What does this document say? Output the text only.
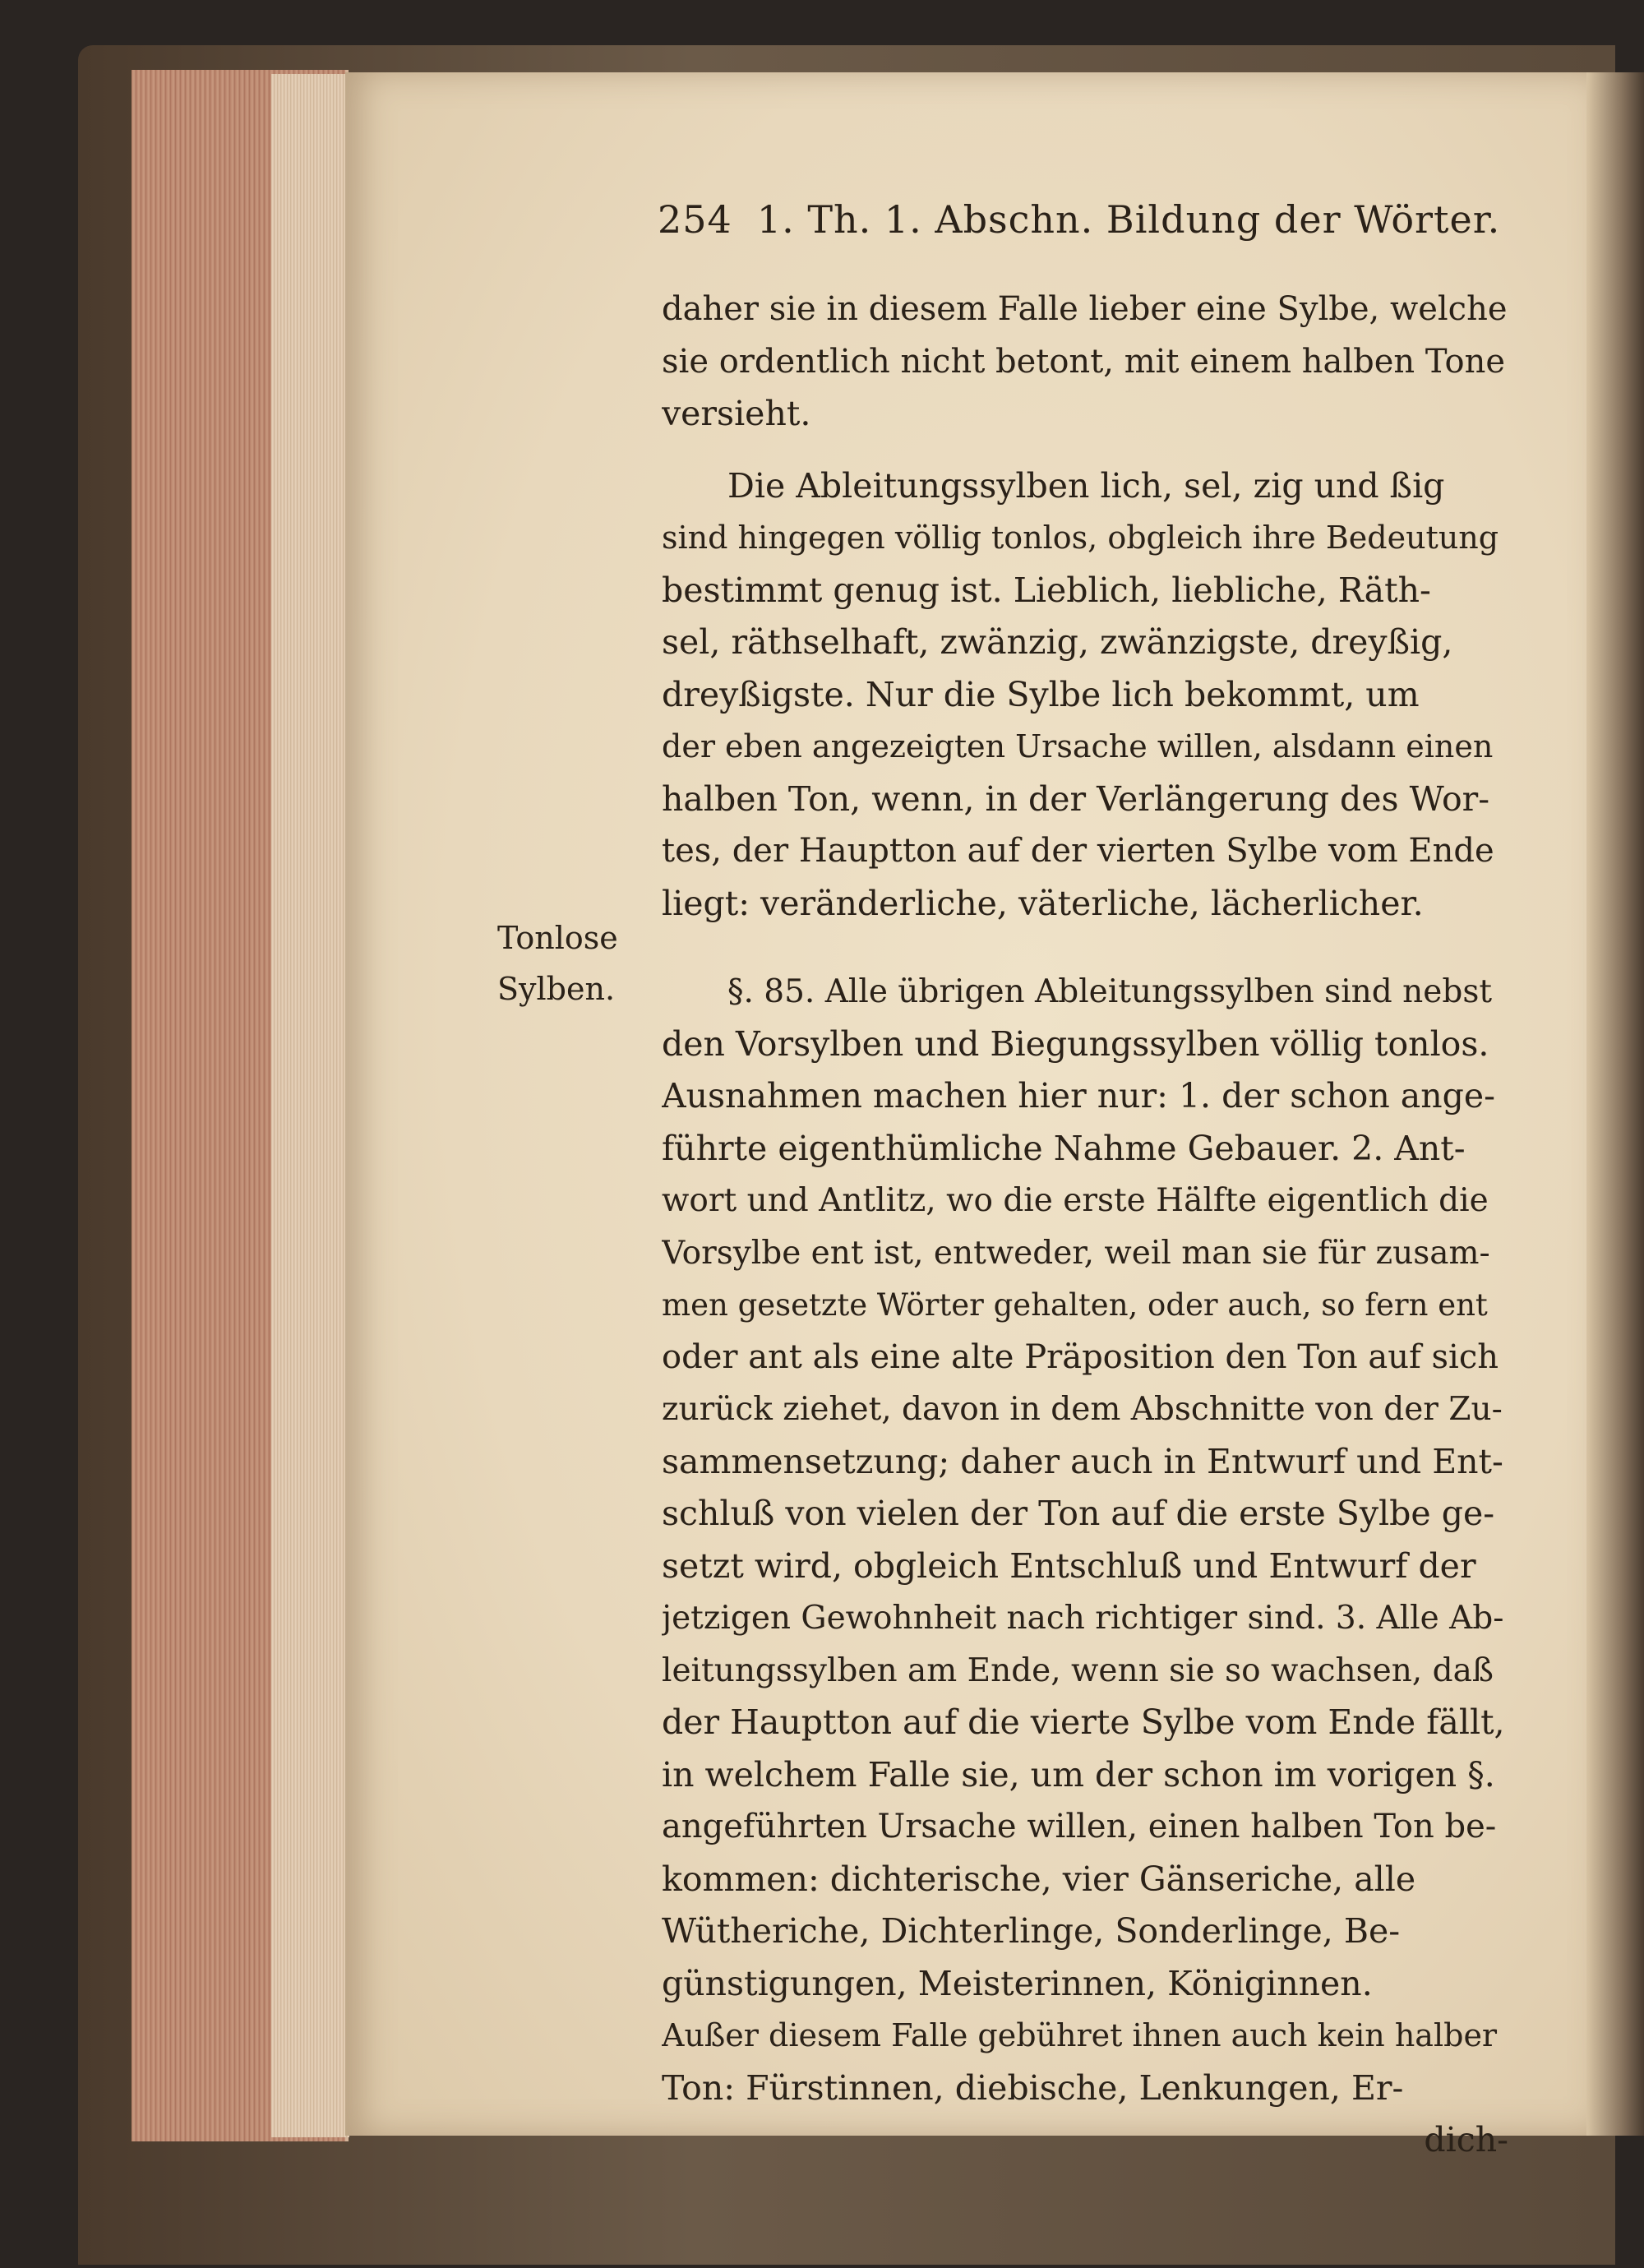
254 1. Th. 1. Abschn. Bildung der Wörter.
Tonlose
Sylben.
daher sie in diesem Falle lieber eine Sylbe, welche
sie ordentlich nicht betont, mit einem halben Tone
versieht.
Die Ableitungssylben lich, sel, zig und ßig
sind hingegen völlig tonlos, obgleich ihre Bedeutung
bestimmt genug ist. Lieblich, liebliche, Räth-
sel, räthselhaft, zwänzig, zwänzigste, dreyßig,
dreyßigste. Nur die Sylbe lich bekommt, um
der eben angezeigten Ursache willen, alsdann einen
halben Ton, wenn, in der Verlängerung des Wor-
tes, der Hauptton auf der vierten Sylbe vom Ende
liegt: veränderliche, väterliche, lächerlicher.
§. 85. Alle übrigen Ableitungssylben sind nebst
den Vorsylben und Biegungssylben völlig tonlos.
Ausnahmen machen hier nur: 1. der schon ange-
führte eigenthümliche Nahme Gebauer. 2. Ant-
wort und Antlitz, wo die erste Hälfte eigentlich die
Vorsylbe ent ist, entweder, weil man sie für zusam-
men gesetzte Wörter gehalten, oder auch, so fern ent
oder ant als eine alte Präposition den Ton auf sich
zurück ziehet, davon in dem Abschnitte von der Zu-
sammensetzung; daher auch in Entwurf und Ent-
schluß von vielen der Ton auf die erste Sylbe ge-
setzt wird, obgleich Entschluß und Entwurf der
jetzigen Gewohnheit nach richtiger sind. 3. Alle Ab-
leitungssylben am Ende, wenn sie so wachsen, daß
der Hauptton auf die vierte Sylbe vom Ende fällt,
in welchem Falle sie, um der schon im vorigen §.
angeführten Ursache willen, einen halben Ton be-
kommen: dichterische, vier Gänseriche, alle
Wütheriche, Dichterlinge, Sonderlinge, Be-
günstigungen, Meisterinnen, Königinnen.
Außer diesem Falle gebühret ihnen auch kein halber
Ton: Fürstinnen, diebische, Lenkungen, Er-
dich-
